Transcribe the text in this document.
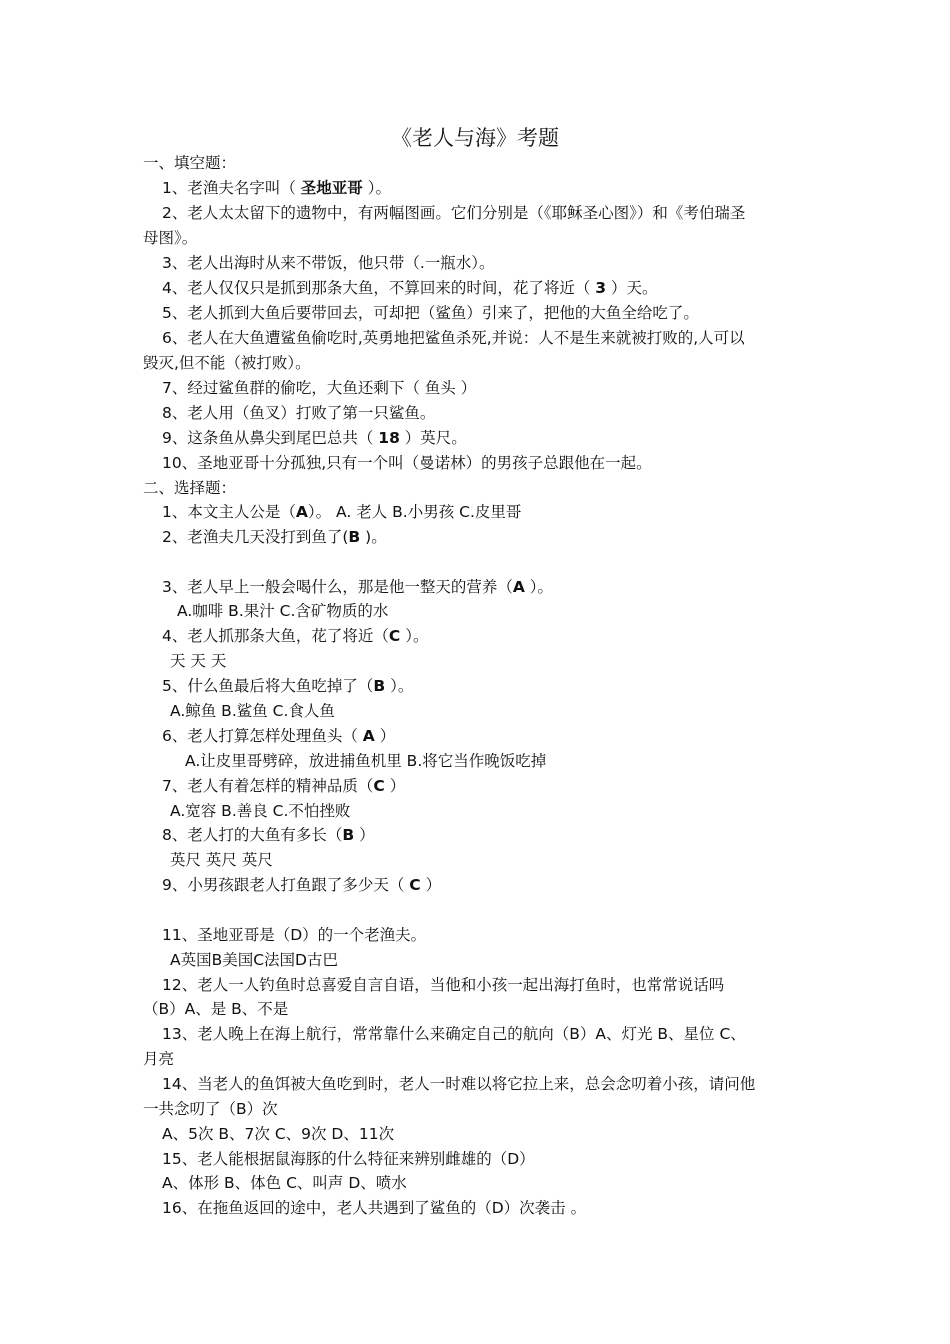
《老人与海》考题
一、填空题：
1、老渔夫名字叫（ 圣地亚哥 ）。
2、老人太太留下的遗物中，有两幅图画。它们分别是（《耶稣圣心图》）和《考伯瑞圣
母图》。
3、老人出海时从来不带饭，他只带（.一瓶水）。
4、老人仅仅只是抓到那条大鱼，不算回来的时间，花了将近（ 3 ）天。
5、老人抓到大鱼后要带回去，可却把（鲨鱼）引来了，把他的大鱼全给吃了。
6、老人在大鱼遭鲨鱼偷吃时,英勇地把鲨鱼杀死,并说：人不是生来就被打败的,人可以
毁灭,但不能（被打败）。
7、经过鲨鱼群的偷吃，大鱼还剩下（ 鱼头 ）
8、老人用（鱼叉）打败了第一只鲨鱼。
9、这条鱼从鼻尖到尾巴总共（ 18 ）英尺。
10、圣地亚哥十分孤独,只有一个叫（曼诺林）的男孩子总跟他在一起。
二、选择题：
1、本文主人公是（A）。 A. 老人 B.小男孩 C.皮里哥
2、老渔夫几天没打到鱼了(B )。
3、老人早上一般会喝什么，那是他一整天的营养（A ）。
A.咖啡 B.果汁 C.含矿物质的水
4、老人抓那条大鱼，花了将近（C ）。
天 天 天
5、什么鱼最后将大鱼吃掉了（B ）。
A.鲸鱼 B.鲨鱼 C.食人鱼
6、老人打算怎样处理鱼头（ A ）
A.让皮里哥劈碎，放进捕鱼机里 B.将它当作晚饭吃掉
7、老人有着怎样的精神品质（C ）
A.宽容 B.善良 C.不怕挫败
8、老人打的大鱼有多长（B ）
英尺 英尺 英尺
9、小男孩跟老人打鱼跟了多少天（ C ）
11、圣地亚哥是（D）的一个老渔夫。
A英国B美国C法国D古巴
12、老人一人钓鱼时总喜爱自言自语，当他和小孩一起出海打鱼时，也常常说话吗
（B）A、是 B、不是
13、老人晚上在海上航行，常常靠什么来确定自己的航向（B）A、灯光 B、星位 C、
月亮
14、当老人的鱼饵被大鱼吃到时，老人一时难以将它拉上来，总会念叨着小孩，请问他
一共念叨了（B）次
A、5次 B、7次 C、9次 D、11次
15、老人能根据鼠海豚的什么特征来辨别雌雄的（D）
A、体形 B、体色 C、叫声 D、喷水
16、在拖鱼返回的途中，老人共遇到了鲨鱼的（D）次袭击 。
